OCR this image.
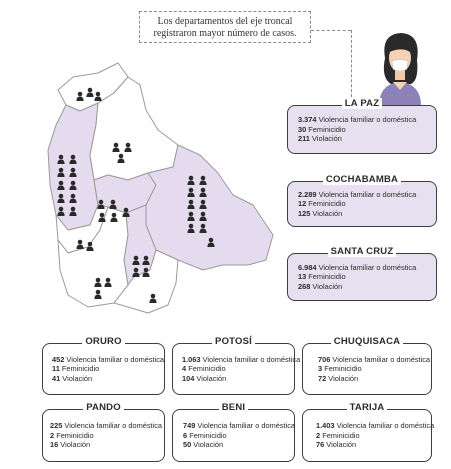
Los departamentos del eje troncal
registraron mayor número de casos.
LA PAZ
3.374 Violencia familiar o doméstica
30 Feminicidio
211 Violación
COCHABAMBA
2.289 Violencia familiar o doméstica
12 Feminicidio
125 Violación
SANTA CRUZ
6.984 Violencia familiar o doméstica
13 Feminicidio
268 Violación
ORURO
452 Violencia familiar o doméstica
11 Feminicidio
41 Violación
POTOSÍ
1.063 Violencia familiar o doméstica
4 Feminicidio
104 Violación
CHUQUISACA
706 Violencia familiar o doméstica
3 Feminicidio
72 Violación
PANDO
225 Violencia familiar o doméstica
2 Feminicidio
16 Violación
BENI
749 Violencia familiar o doméstica
6 Feminicidio
50 Violación
TARIJA
1.403 Violencia familiar o doméstica
2 Feminicidio
76 Violación
